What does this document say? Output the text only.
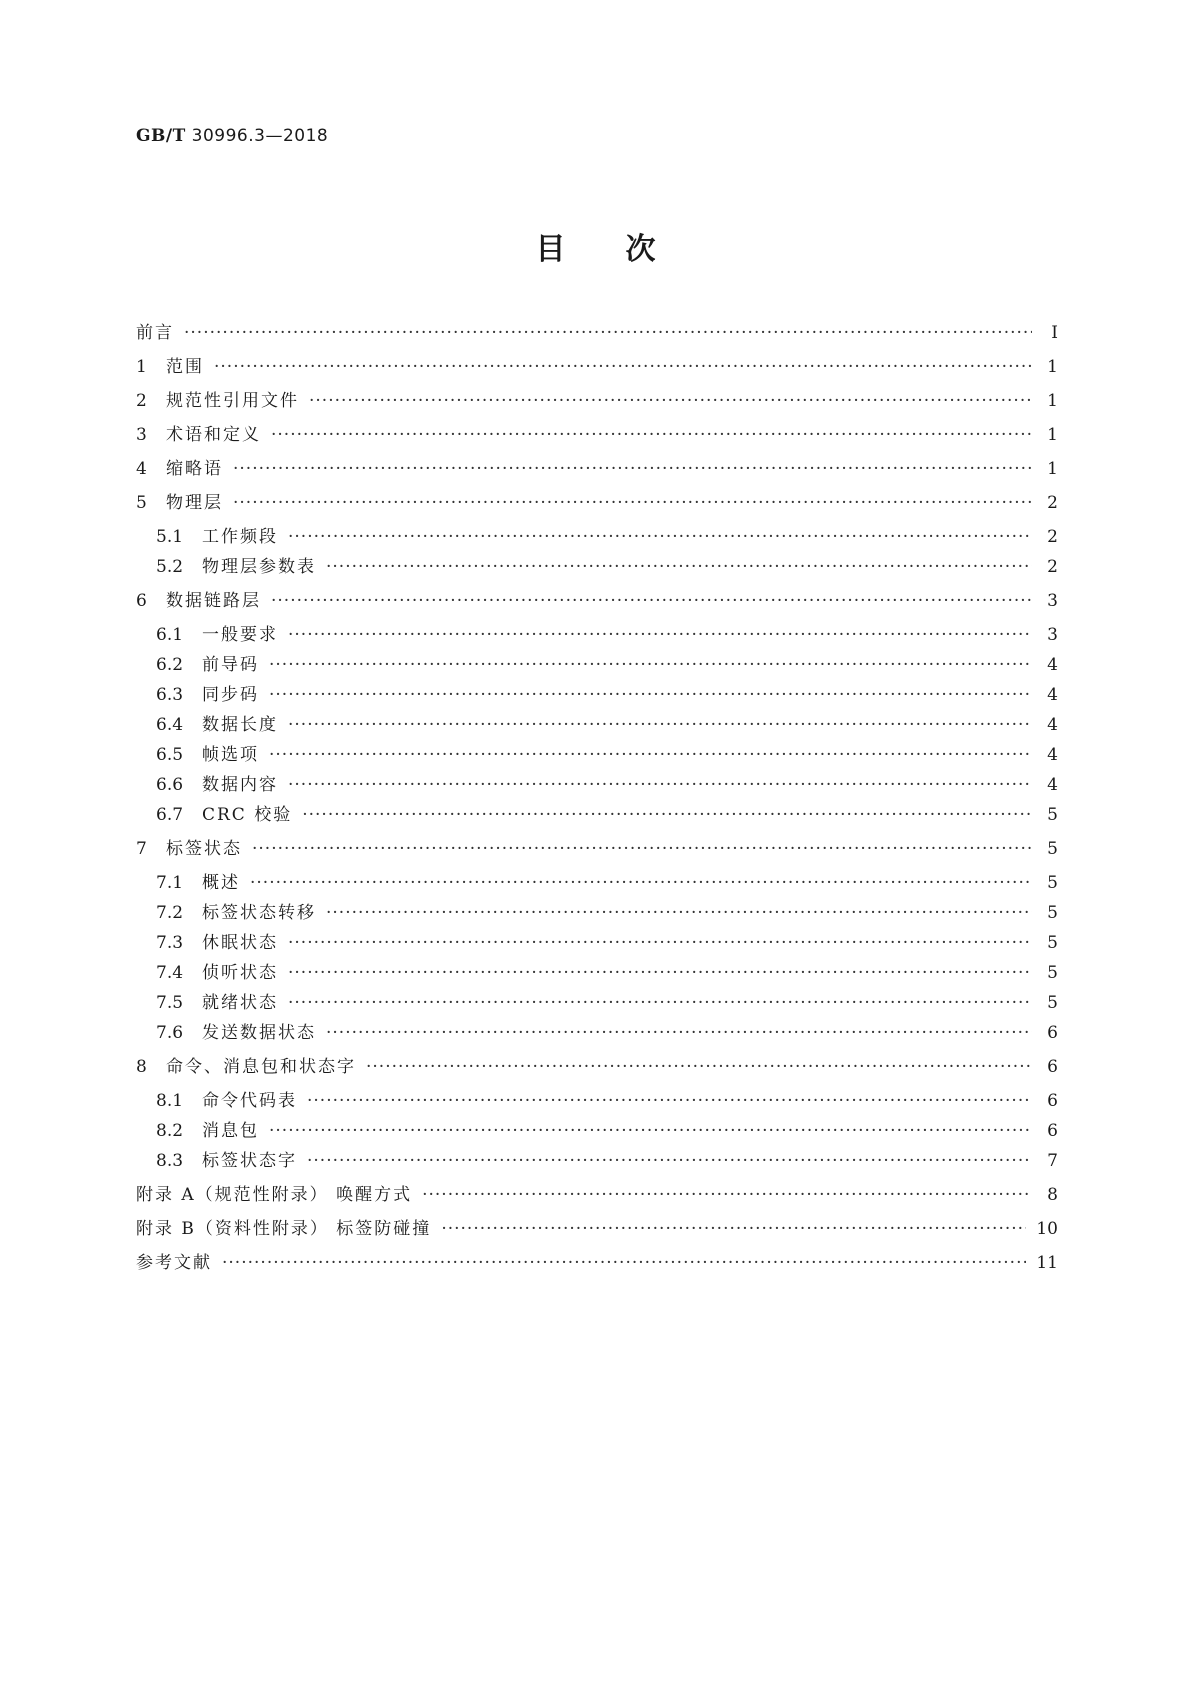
GB/T 30996.3—2018
目次
前言 ·····	Ⅰ
1	范围 ·····	1
2	规范性引用文件 ·····	1
3	术语和定义 ·····	1
4	缩略语 ·····	1
5	物理层 ·····	2
5.1	工作频段 ·····	2
5.2	物理层参数表 ·····	2
6	数据链路层 ·····	3
6.1	一般要求 ·····	3
6.2	前导码 ·····	4
6.3	同步码 ·····	4
6.4	数据长度 ·····	4
6.5	帧选项 ·····	4
6.6	数据内容 ·····	4
6.7	CRC 校验 ·····	5
7	标签状态 ·····	5
7.1	概述 ·····	5
7.2	标签状态转移 ·····	5
7.3	休眠状态 ·····	5
7.4	侦听状态 ·····	5
7.5	就绪状态 ·····	5
7.6	发送数据状态 ·····	6
8	命令、消息包和状态字 ·····	6
8.1	命令代码表 ·····	6
8.2	消息包 ·····	6
8.3	标签状态字 ·····	7
附录 A（规范性附录） 唤醒方式 ·····	8
附录 B（资料性附录） 标签防碰撞 ·····	10
参考文献 ·····	11
